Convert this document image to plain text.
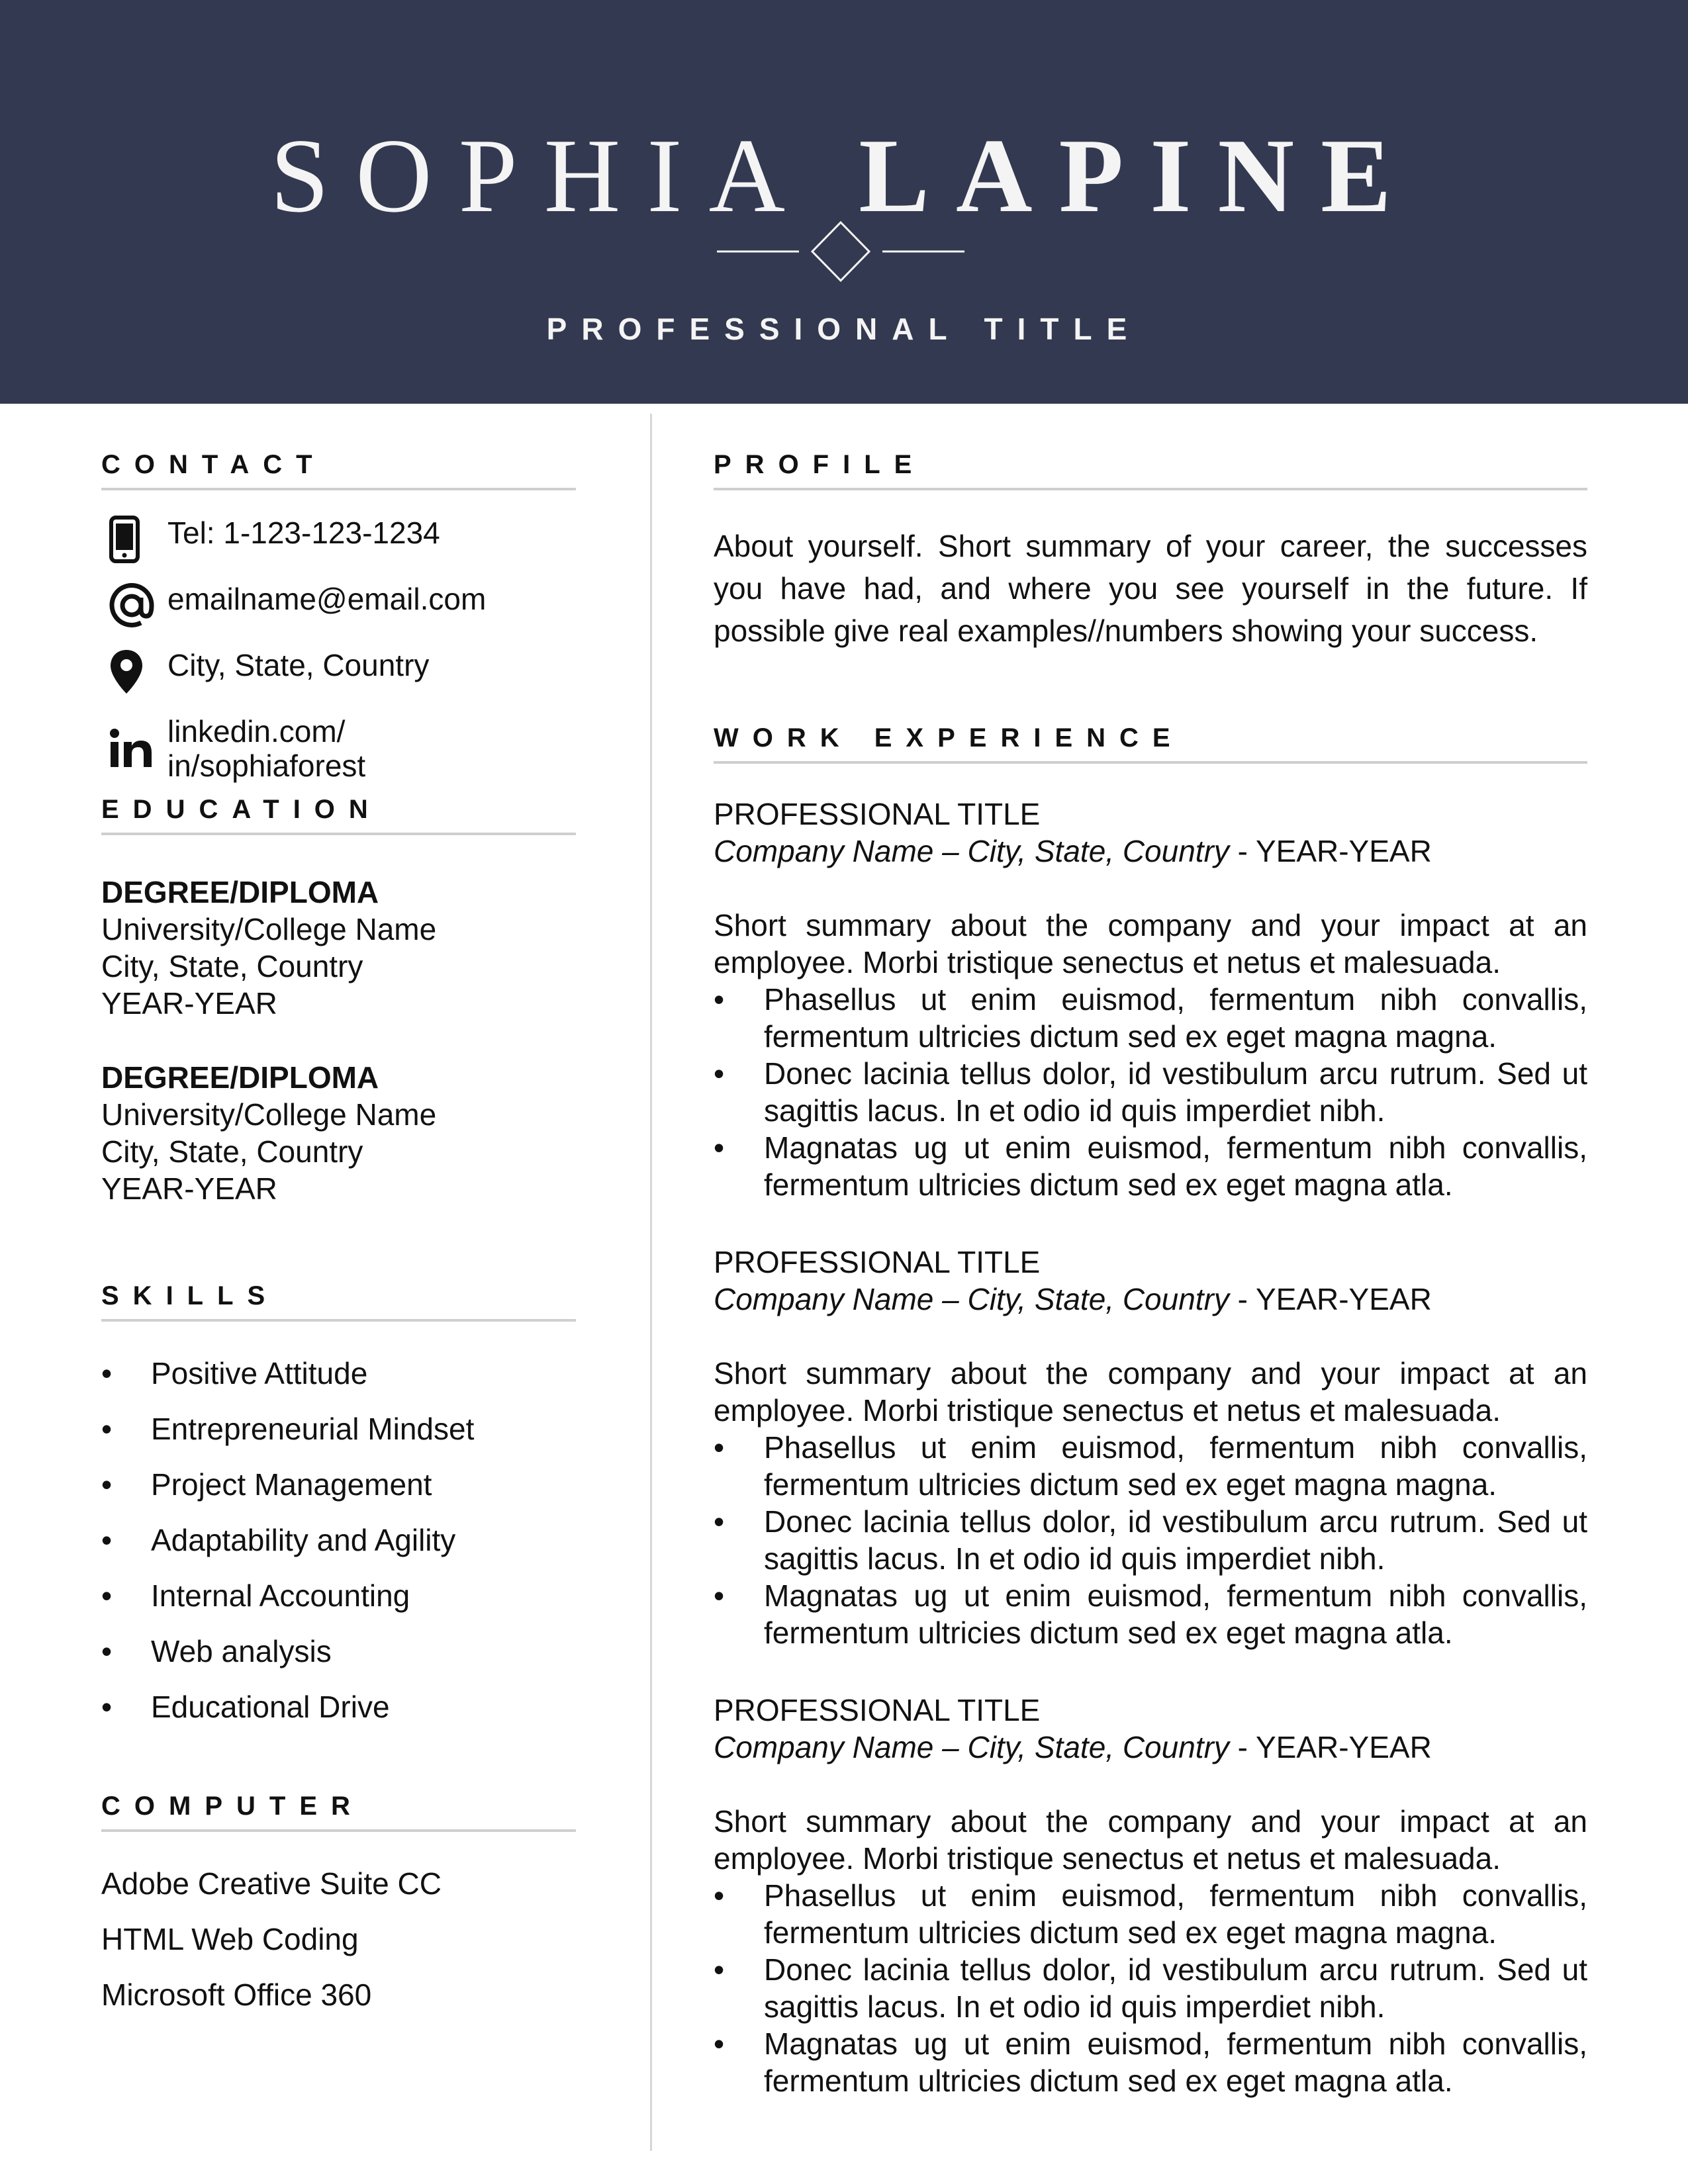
SOPHIA LAPINE
PROFESSIONAL TITLE
CONTACT
Tel: 1-123-123-1234
emailname@email.com
City, State, Country
linkedin.com/
in/sophiaforest
EDUCATION
DEGREE/DIPLOMA
University/College Name
City, State, Country
YEAR-YEAR
DEGREE/DIPLOMA
University/College Name
City, State, Country
YEAR-YEAR
SKILLS
• Positive Attitude
• Entrepreneurial Mindset
• Project Management
• Adaptability and Agility
• Internal Accounting
• Web analysis
• Educational Drive
COMPUTER
Adobe Creative Suite CC
HTML Web Coding
Microsoft Office 360
PROFILE
About yourself. Short summary of your career, the successes you have had, and where you see yourself in the future. If possible give real examples//numbers showing your success.
WORK EXPERIENCE
PROFESSIONAL TITLE
Company Name – City, State, Country - YEAR-YEAR
Short summary about the company and your impact at an employee. Morbi tristique senectus et netus et malesuada.
• Phasellus ut enim euismod, fermentum nibh convallis, fermentum ultricies dictum sed ex eget magna magna.
• Donec lacinia tellus dolor, id vestibulum arcu rutrum. Sed ut sagittis lacus. In et odio id quis imperdiet nibh.
• Magnatas ug ut enim euismod, fermentum nibh convallis, fermentum ultricies dictum sed ex eget magna atla.
PROFESSIONAL TITLE
Company Name – City, State, Country - YEAR-YEAR
Short summary about the company and your impact at an employee. Morbi tristique senectus et netus et malesuada.
• Phasellus ut enim euismod, fermentum nibh convallis, fermentum ultricies dictum sed ex eget magna magna.
• Donec lacinia tellus dolor, id vestibulum arcu rutrum. Sed ut sagittis lacus. In et odio id quis imperdiet nibh.
• Magnatas ug ut enim euismod, fermentum nibh convallis, fermentum ultricies dictum sed ex eget magna atla.
PROFESSIONAL TITLE
Company Name – City, State, Country - YEAR-YEAR
Short summary about the company and your impact at an employee. Morbi tristique senectus et netus et malesuada.
• Phasellus ut enim euismod, fermentum nibh convallis, fermentum ultricies dictum sed ex eget magna magna.
• Donec lacinia tellus dolor, id vestibulum arcu rutrum. Sed ut sagittis lacus. In et odio id quis imperdiet nibh.
• Magnatas ug ut enim euismod, fermentum nibh convallis, fermentum ultricies dictum sed ex eget magna atla.
